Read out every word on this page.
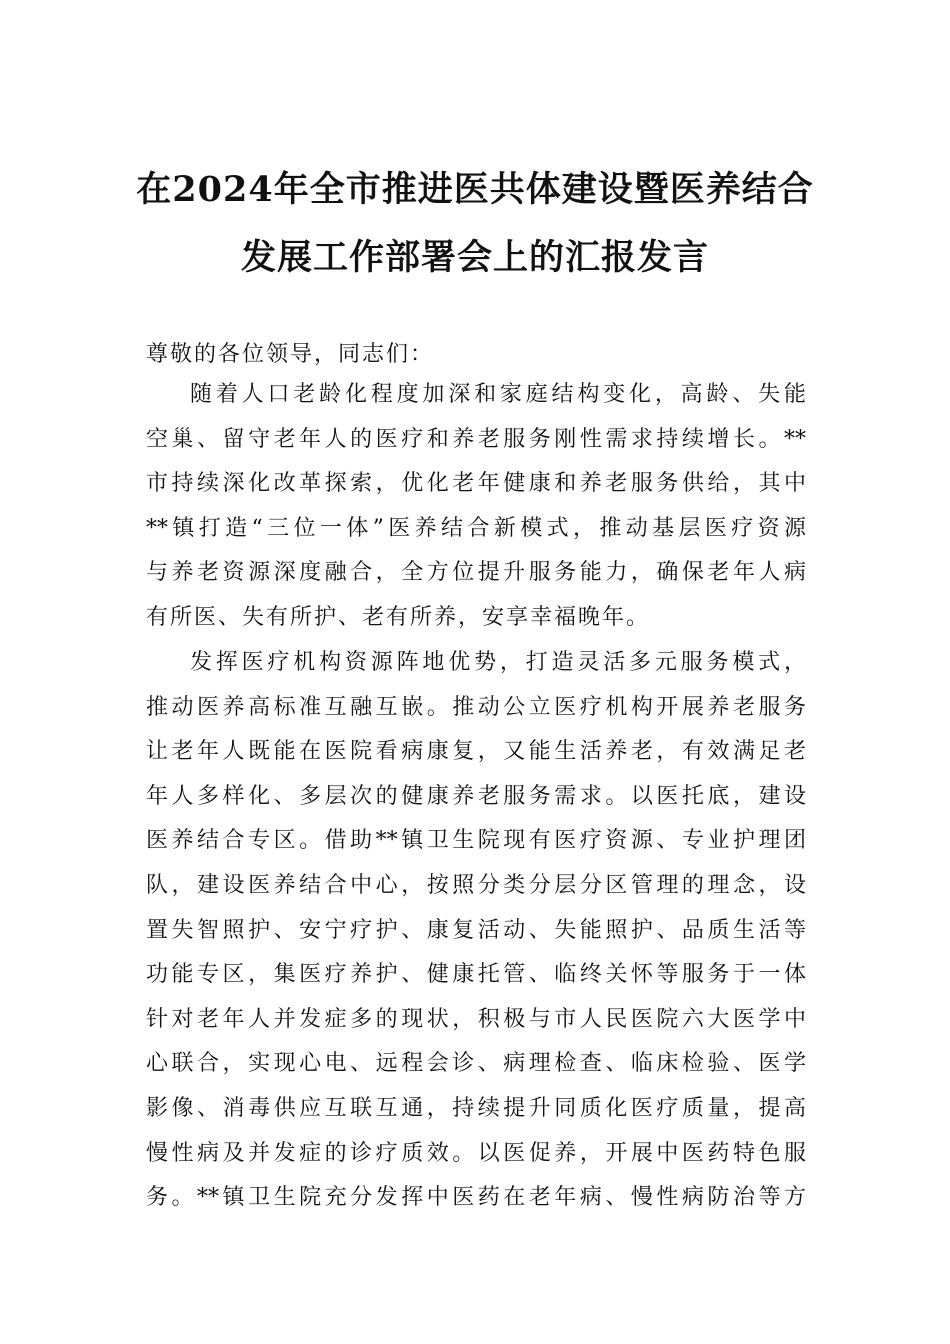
在2024年全市推进医共体建设暨医养结合
发展工作部署会上的汇报发言
尊敬的各位领导，同志们：
随着人口老龄化程度加深和家庭结构变化，高龄、失能
空巢、留守老年人的医疗和养老服务刚性需求持续增长。**
市持续深化改革探索，优化老年健康和养老服务供给，其中
**镇打造“三位一体”医养结合新模式，推动基层医疗资源
与养老资源深度融合，全方位提升服务能力，确保老年人病
有所医、失有所护、老有所养，安享幸福晚年。
发挥医疗机构资源阵地优势，打造灵活多元服务模式，
推动医养高标准互融互嵌。推动公立医疗机构开展养老服务
让老年人既能在医院看病康复，又能生活养老，有效满足老
年人多样化、多层次的健康养老服务需求。以医托底，建设
医养结合专区。借助**镇卫生院现有医疗资源、专业护理团
队，建设医养结合中心，按照分类分层分区管理的理念，设
置失智照护、安宁疗护、康复活动、失能照护、品质生活等
功能专区，集医疗养护、健康托管、临终关怀等服务于一体
针对老年人并发症多的现状，积极与市人民医院六大医学中
心联合，实现心电、远程会诊、病理检查、临床检验、医学
影像、消毒供应互联互通，持续提升同质化医疗质量，提高
慢性病及并发症的诊疗质效。以医促养，开展中医药特色服
务。**镇卫生院充分发挥中医药在老年病、慢性病防治等方
